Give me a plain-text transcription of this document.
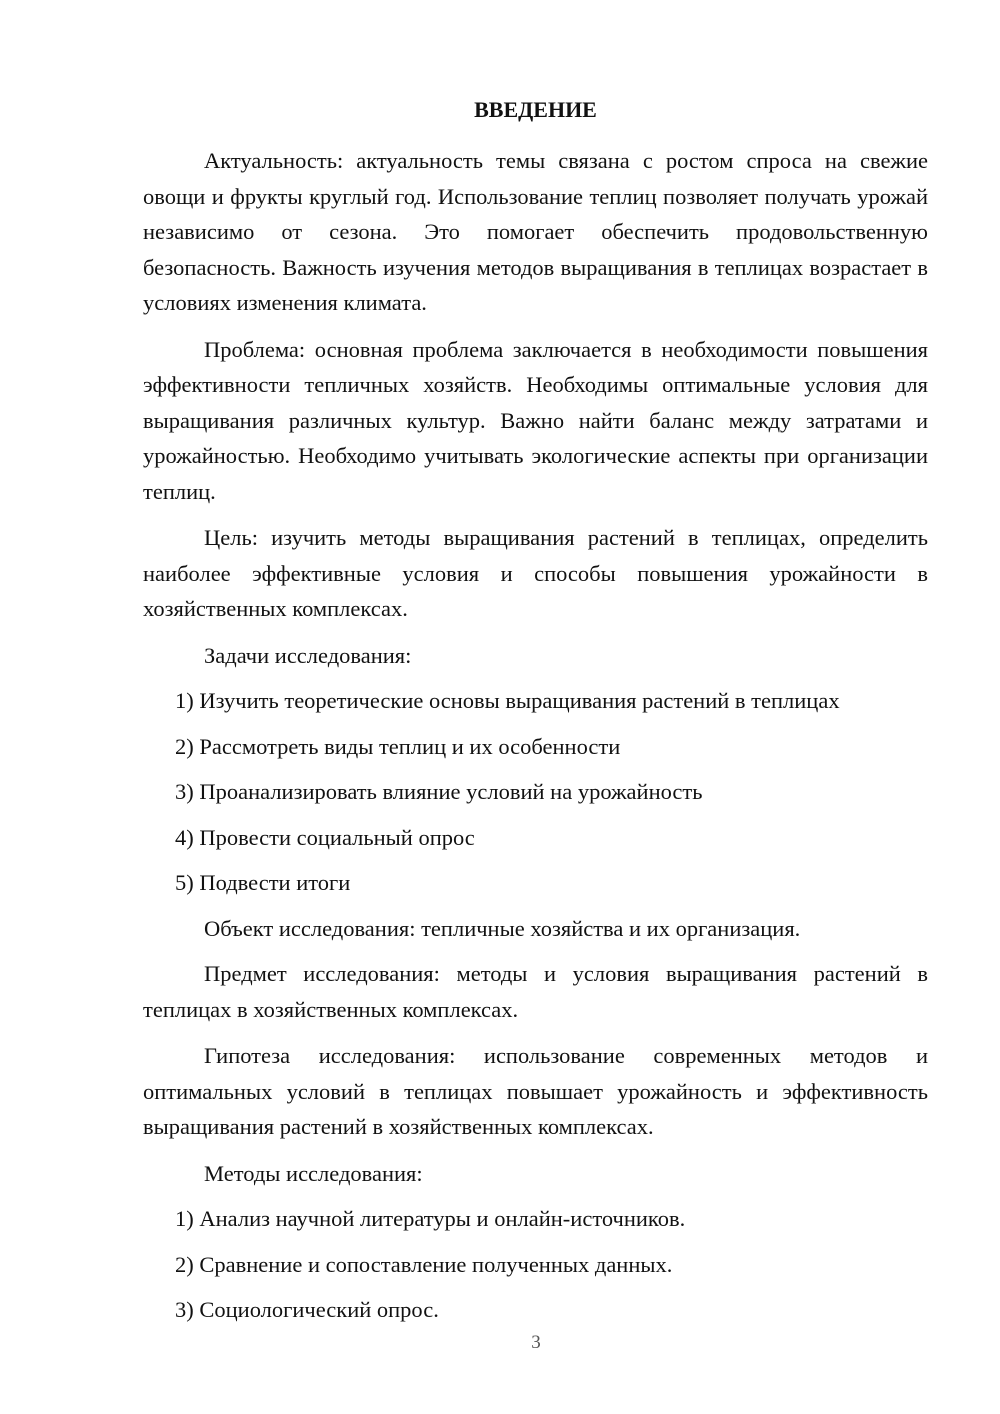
ВВЕДЕНИЕ

Актуальность: актуальность темы связана с ростом спроса на свежие овощи и фрукты круглый год. Использование теплиц позволяет получать урожай независимо от сезона. Это помогает обеспечить продовольственную безопасность. Важность изучения методов выращивания в теплицах возрастает в условиях изменения климата.

Проблема: основная проблема заключается в необходимости повышения эффективности тепличных хозяйств. Необходимы оптимальные условия для выращивания различных культур. Важно найти баланс между затратами и урожайностью. Необходимо учитывать экологические аспекты при организации теплиц.

Цель: изучить методы выращивания растений в теплицах, определить наиболее эффективные условия и способы повышения урожайности в хозяйственных комплексах.

Задачи исследования:
1) Изучить теоретические основы выращивания растений в теплицах
2) Рассмотреть виды теплиц и их особенности
3) Проанализировать влияние условий на урожайность
4) Провести социальный опрос
5) Подвести итоги

Объект исследования: тепличные хозяйства и их организация.

Предмет исследования: методы и условия выращивания растений в теплицах в хозяйственных комплексах.

Гипотеза исследования: использование современных методов и оптимальных условий в теплицах повышает урожайность и эффективность выращивания растений в хозяйственных комплексах.

Методы исследования:
1) Анализ научной литературы и онлайн-источников.
2) Сравнение и сопоставление полученных данных.
3) Социологический опрос.
3
